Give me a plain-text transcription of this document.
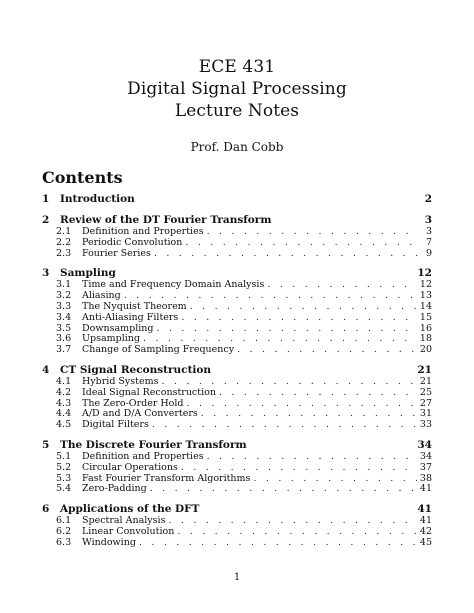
ECE 431
Digital Signal Processing
Lecture Notes
Prof. Dan Cobb
Contents
1	Introduction	2
2	Review of the DT Fourier Transform	3
2.1	Definition and Properties . . .	3
2.2	Periodic Convolution . . .	7
2.3	Fourier Series . . .	9
3	Sampling	12
3.1	Time and Frequency Domain Analysis . . .	12
3.2	Aliasing . . .	13
3.3	The Nyquist Theorem . . .	14
3.4	Anti-Aliasing Filters . . .	15
3.5	Downsampling . . .	16
3.6	Upsampling . . .	18
3.7	Change of Sampling Frequency . . .	20
4	CT Signal Reconstruction	21
4.1	Hybrid Systems . . .	21
4.2	Ideal Signal Reconstruction . . .	25
4.3	The Zero-Order Hold . . .	27
4.4	A/D and D/A Converters . . .	31
4.5	Digital Filters . . .	33
5	The Discrete Fourier Transform	34
5.1	Definition and Properties . . .	34
5.2	Circular Operations . . .	37
5.3	Fast Fourier Transform Algorithms . . .	38
5.4	Zero-Padding . . .	41
6	Applications of the DFT	41
6.1	Spectral Analysis . . .	41
6.2	Linear Convolution . . .	42
6.3	Windowing . . .	45
1
